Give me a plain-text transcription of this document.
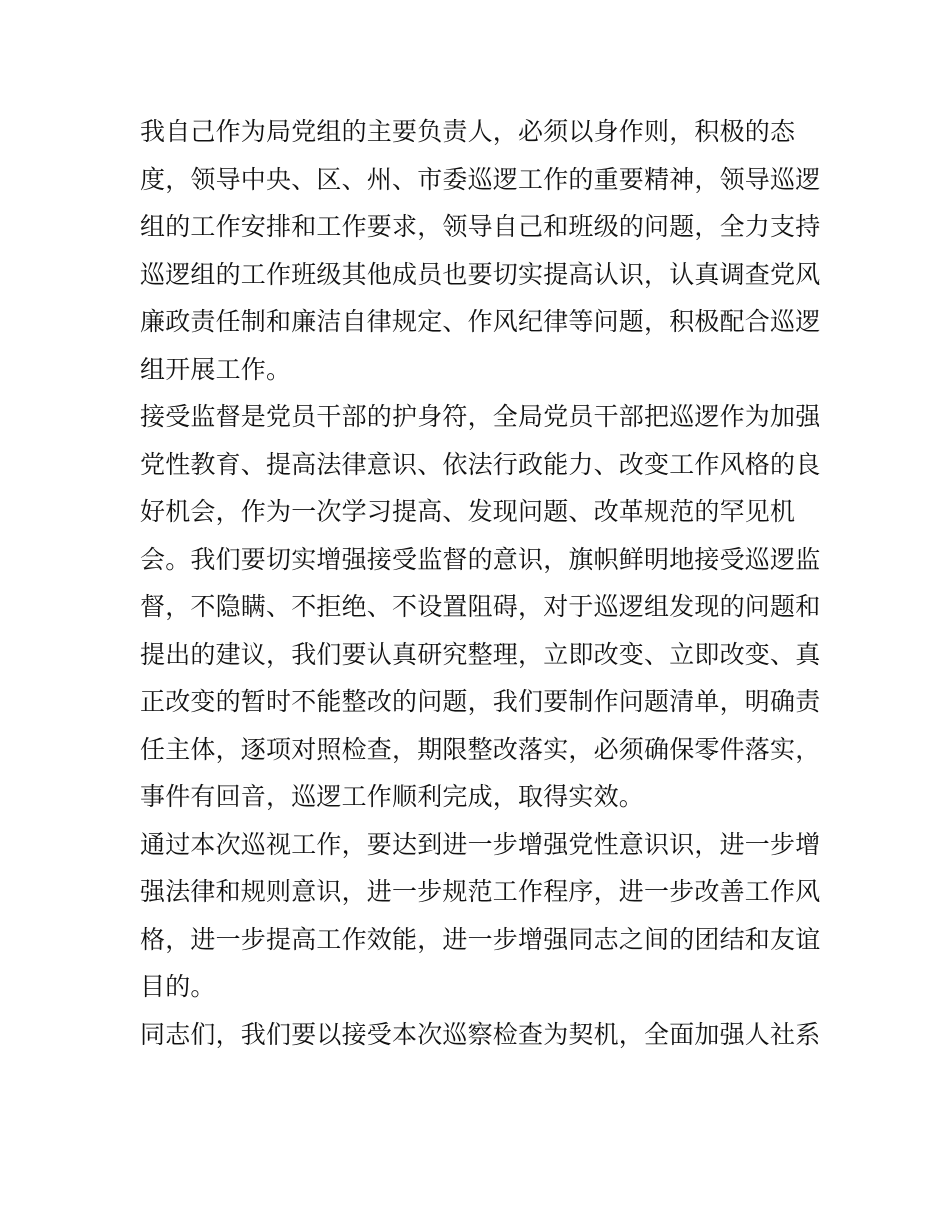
我自己作为局党组的主要负责人，必须以身作则，积极的态
度，领导中央、区、州、市委巡逻工作的重要精神，领导巡逻
组的工作安排和工作要求，领导自己和班级的问题，全力支持
巡逻组的工作班级其他成员也要切实提高认识，认真调查党风
廉政责任制和廉洁自律规定、作风纪律等问题，积极配合巡逻
组开展工作。
接受监督是党员干部的护身符，全局党员干部把巡逻作为加强
党性教育、提高法律意识、依法行政能力、改变工作风格的良
好机会，作为一次学习提高、发现问题、改革规范的罕见机
会。我们要切实增强接受监督的意识，旗帜鲜明地接受巡逻监
督，不隐瞒、不拒绝、不设置阻碍，对于巡逻组发现的问题和
提出的建议，我们要认真研究整理，立即改变、立即改变、真
正改变的暂时不能整改的问题，我们要制作问题清单，明确责
任主体，逐项对照检查，期限整改落实，必须确保零件落实，
事件有回音，巡逻工作顺利完成，取得实效。
通过本次巡视工作，要达到进一步增强党性意识识，进一步增
强法律和规则意识，进一步规范工作程序，进一步改善工作风
格，进一步提高工作效能，进一步增强同志之间的团结和友谊
目的。
同志们，我们要以接受本次巡察检查为契机，全面加强人社系
